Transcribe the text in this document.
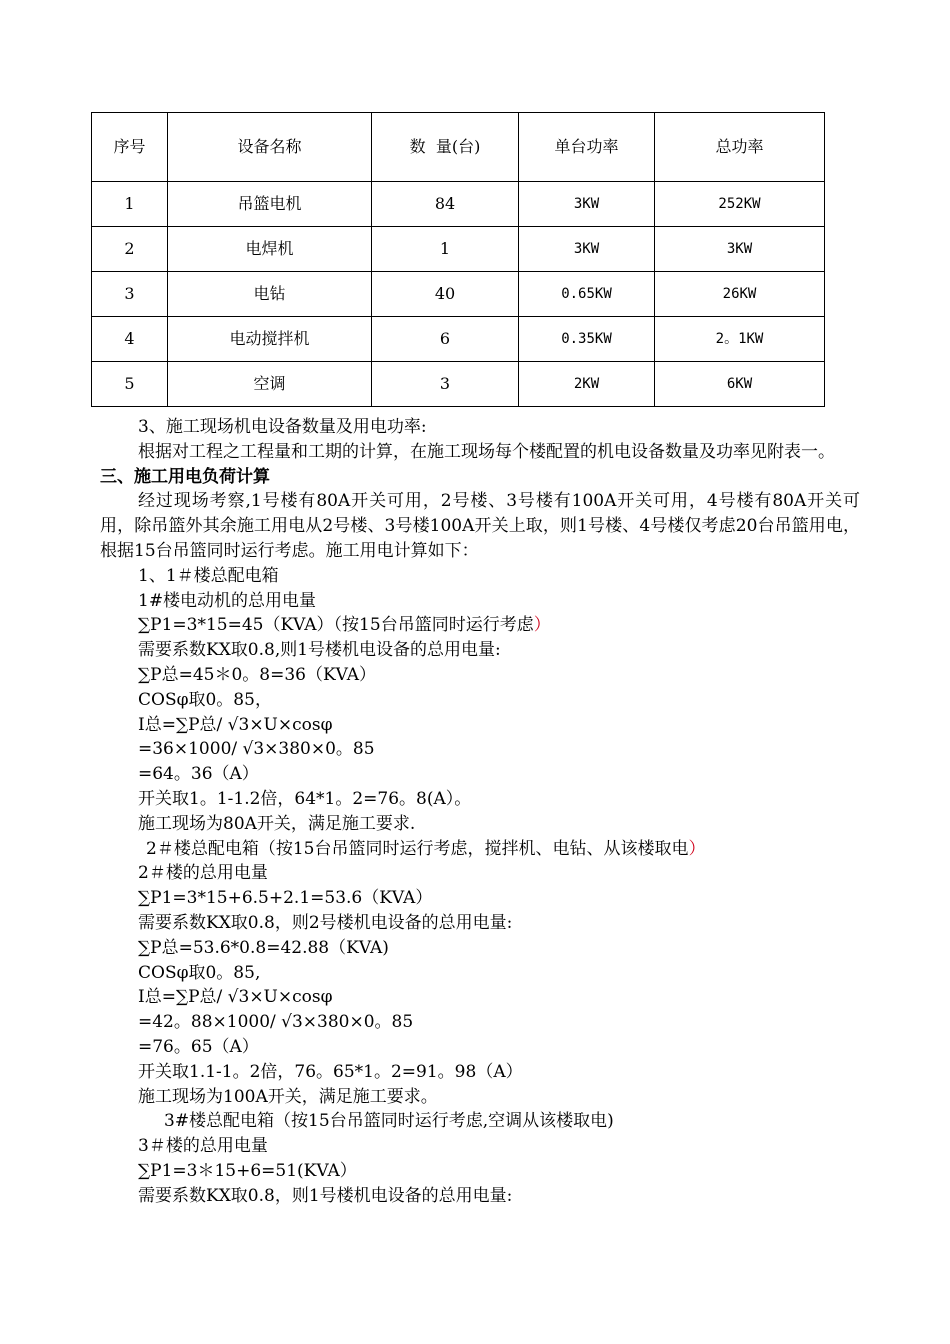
序号	设备名称	数  量(台)	单台功率	总功率
1	吊篮电机	84	3KW	252KW
2	电焊机	1	3KW	3KW
3	电钻	40	0.65KW	26KW
4	电动搅拌机	6	0.35KW	2。1KW
5	空调	3	2KW	6KW

3、施工现场机电设备数量及用电功率:

根据对工程之工程量和工期的计算，在施工现场每个楼配置的机电设备数量及功率见附表一。

三、施工用电负荷计算

经过现场考察,1号楼有80A开关可用，2号楼、3号楼有100A开关可用，4号楼有80A开关可用，除吊篮外其余施工用电从2号楼、3号楼100A开关上取，则1号楼、4号楼仅考虑20台吊篮用电，根据15台吊篮同时运行考虑。施工用电计算如下：

1、1＃楼总配电箱

1#楼电动机的总用电量

∑P1=3*15=45（KVA）（按15台吊篮同时运行考虑）

需要系数KX取0.8,则1号楼机电设备的总用电量:

∑P总=45＊0。8=36（KVA）

COSφ取0。85，

I总=∑P总/ √3×U×cosφ

=36×1000/ √3×380×0。85

=64。36（A）

开关取1。1-1.2倍，64*1。2=76。8(A）。

施工现场为80A开关，满足施工要求.

2＃楼总配电箱（按15台吊篮同时运行考虑，搅拌机、电钻、从该楼取电）

2＃楼的总用电量

∑P1=3*15+6.5+2.1=53.6（KVA）

需要系数KX取0.8，则2号楼机电设备的总用电量:

∑P总=53.6*0.8=42.88（KVA)

COSφ取0。85,

I总=∑P总/ √3×U×cosφ

=42。88×1000/ √3×380×0。85

=76。65（A）

开关取1.1-1。2倍，76。65*1。2=91。98（A）

施工现场为100A开关，满足施工要求。

3#楼总配电箱（按15台吊篮同时运行考虑,空调从该楼取电)

3＃楼的总用电量

∑P1=3＊15+6=51(KVA）

需要系数KX取0.8，则1号楼机电设备的总用电量:
